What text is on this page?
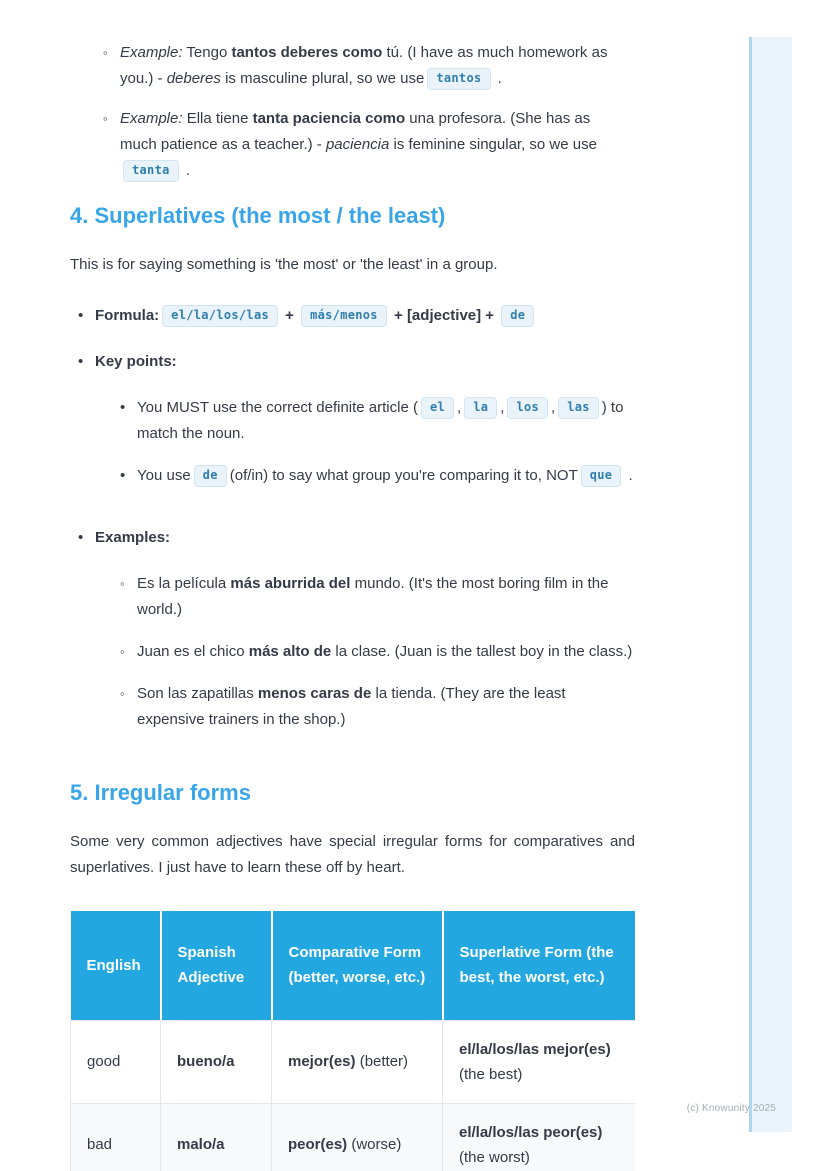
◦ Example: Tengo tantos deberes como tú. (I have as much homework as you.) - deberes is masculine plural, so we use tantos .
◦ Example: Ella tiene tanta paciencia como una profesora. (She has as much patience as a teacher.) - paciencia is feminine singular, so we usetanta .
4. Superlatives (the most / the least)

This is for saying something is 'the most' or 'the least' in a group.

• Formula: el/la/los/las + más/menos + [adjective] + de
• Key points:
• You MUST use the correct definite article ( el , la , los , las ) to match the noun.
• You use de (of/in) to say what group you're comparing it to, NOT que .
• Examples:
◦ Es la película más aburrida del mundo. (It's the most boring film in the world.)
◦ Juan es el chico más alto de la clase. (Juan is the tallest boy in the class.)
◦ Son las zapatillas menos caras de la tienda. (They are the least expensive trainers in the shop.)
5. Irregular forms

Some very common adjectives have special irregular forms for comparatives and superlatives. I just have to learn these off by heart.

English	Spanish Adjective	Comparative Form (better, worse, etc.)	Superlative Form (the best, the worst, etc.)
good	bueno/a	mejor(es) (better)	el/la/los/las mejor(es) (the best)
bad	malo/a	peor(es) (worse)	el/la/los/las peor(es) (the worst)

(c) Knowunity 2025
